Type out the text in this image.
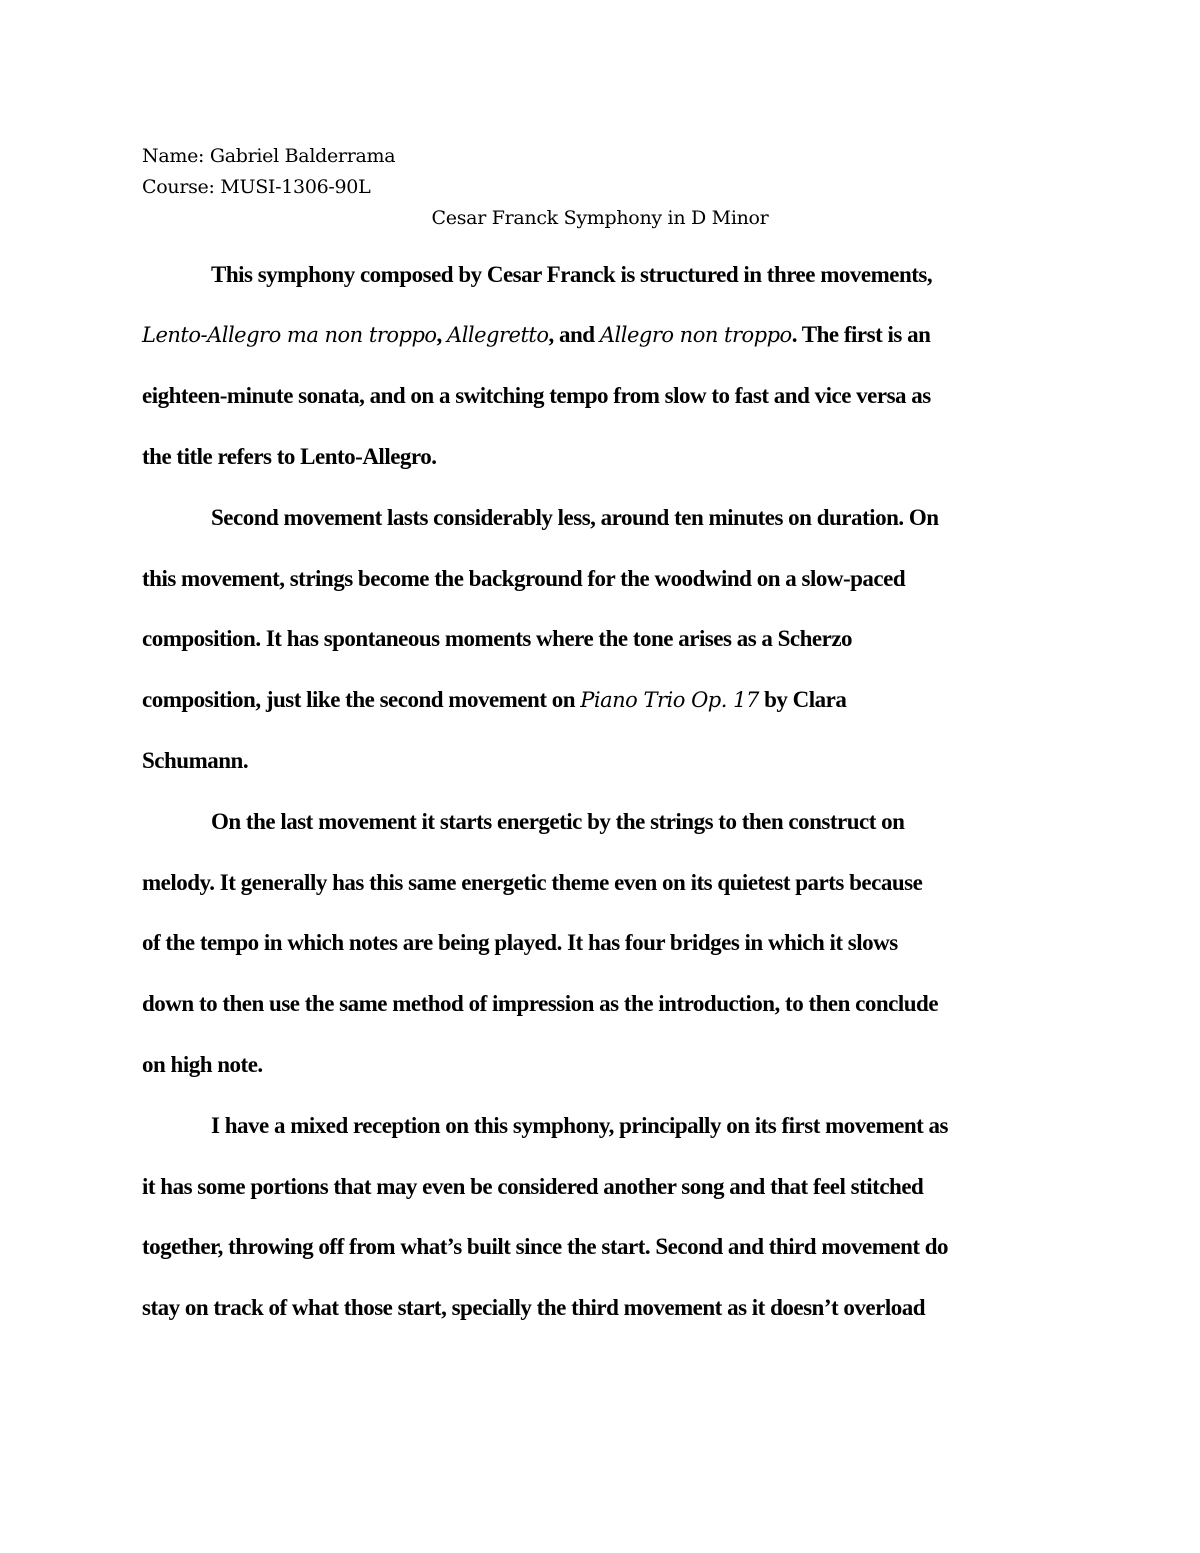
Name: Gabriel Balderrama
Course: MUSI-1306-90L
Cesar Franck Symphony in D Minor
This symphony composed by Cesar Franck is structured in three movements,
Lento-Allegro ma non troppo, Allegretto, and Allegro non troppo. The first is an
eighteen-minute sonata, and on a switching tempo from slow to fast and vice versa as
the title refers to Lento-Allegro.
Second movement lasts considerably less, around ten minutes on duration. On
this movement, strings become the background for the woodwind on a slow-paced
composition. It has spontaneous moments where the tone arises as a Scherzo
composition, just like the second movement on Piano Trio Op. 17 by Clara
Schumann.
On the last movement it starts energetic by the strings to then construct on
melody. It generally has this same energetic theme even on its quietest parts because
of the tempo in which notes are being played. It has four bridges in which it slows
down to then use the same method of impression as the introduction, to then conclude
on high note.
I have a mixed reception on this symphony, principally on its first movement as
it has some portions that may even be considered another song and that feel stitched
together, throwing off from what’s built since the start. Second and third movement do
stay on track of what those start, specially the third movement as it doesn’t overload
